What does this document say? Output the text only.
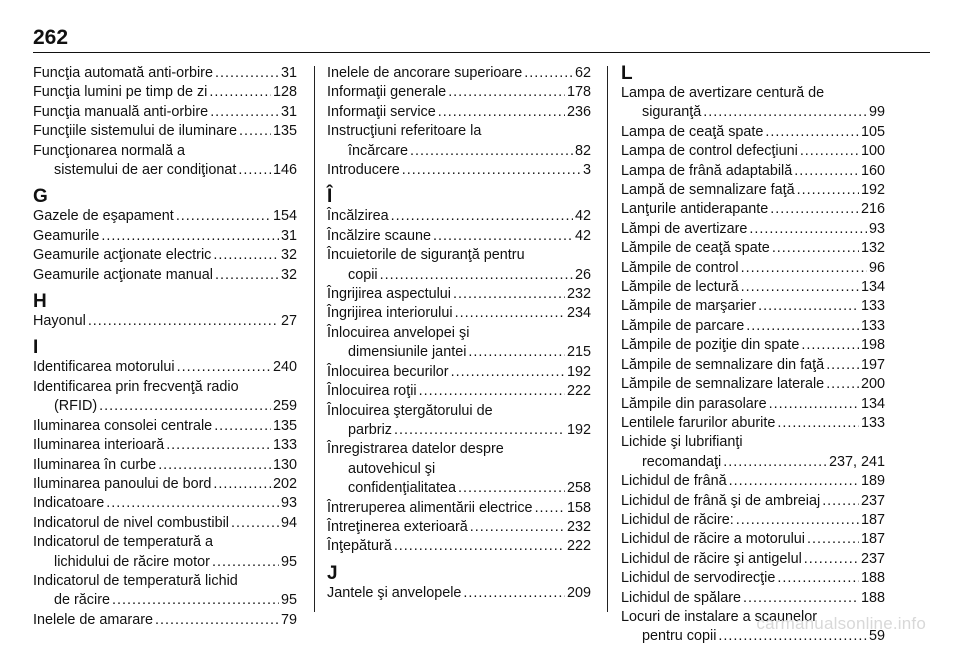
262
Funcţia automată anti-orbire .....	31
Funcţia lumini pe timp de zi .....	128
Funcţia manuală anti-orbire .....	31
Funcţiile sistemului de iluminare .....	135
Funcţionarea normală a
sistemului de aer condiţionat .....	146
G
Gazele de eşapament .....	154
Geamurile .....	31
Geamurile acţionate electric .....	32
Geamurile acţionate manual .....	32
H
Hayonul .....	27
I
Identificarea motorului .....	240
Identificarea prin frecvenţă radio
(RFID) .....	259
Iluminarea consolei centrale .....	135
Iluminarea interioară .....	133
Iluminarea în curbe .....	130
Iluminarea panoului de bord .....	202
Indicatoare .....	93
Indicatorul de nivel combustibil .....	94
Indicatorul de temperatură a
lichidului de răcire motor .....	95
Indicatorul de temperatură lichid
de răcire .....	95
Inelele de amarare .....	79
Inelele de ancorare superioare .....	62
Informaţii generale .....	178
Informaţii service .....	236
Instrucţiuni referitoare la
încărcare .....	82
Introducere .....	3
Î
Încălzirea .....	42
Încălzire scaune .....	42
Încuietorile de siguranţă pentru
copii .....	26
Îngrijirea aspectului .....	232
Îngrijirea interiorului .....	234
Înlocuirea anvelopei şi
dimensiunile jantei .....	215
Înlocuirea becurilor .....	192
Înlocuirea roţii .....	222
Înlocuirea ştergătorului de
parbriz .....	192
Înregistrarea datelor despre
autovehicul şi
confidenţialitatea .....	258
Întreruperea alimentării electrice ..... 158
Întreţinerea exterioară .....	232
Înţepătură .....	222
J
Jantele şi anvelopele .....	209
L
Lampa de avertizare centură de
siguranţă .....	99
Lampa de ceaţă spate .....	105
Lampa de control defecţiuni .....	100
Lampa de frână adaptabilă .....	160
Lampă de semnalizare faţă .....	192
Lanţurile antiderapante .....	216
Lămpi de avertizare .....	93
Lămpile de ceaţă spate .....	132
Lămpile de control .....	96
Lămpile de lectură .....	134
Lămpile de marşarier .....	133
Lămpile de parcare .....	133
Lămpile de poziţie din spate .....	198
Lămpile de semnalizare din faţă .....	197
Lămpile de semnalizare laterale .....	200
Lămpile din parasolare .....	134
Lentilele farurilor aburite .....	133
Lichide şi lubrifianţi
recomandaţi .....	237, 241
Lichidul de frână .....	189
Lichidul de frână şi de ambreiaj .....	237
Lichidul de răcire: .....	187
Lichidul de răcire a motorului .....	187
Lichidul de răcire şi antigelul .....	237
Lichidul de servodirecţie .....	188
Lichidul de spălare .....	188
Locuri de instalare a scaunelor
pentru copii .....	59
carmanualsonline.info
